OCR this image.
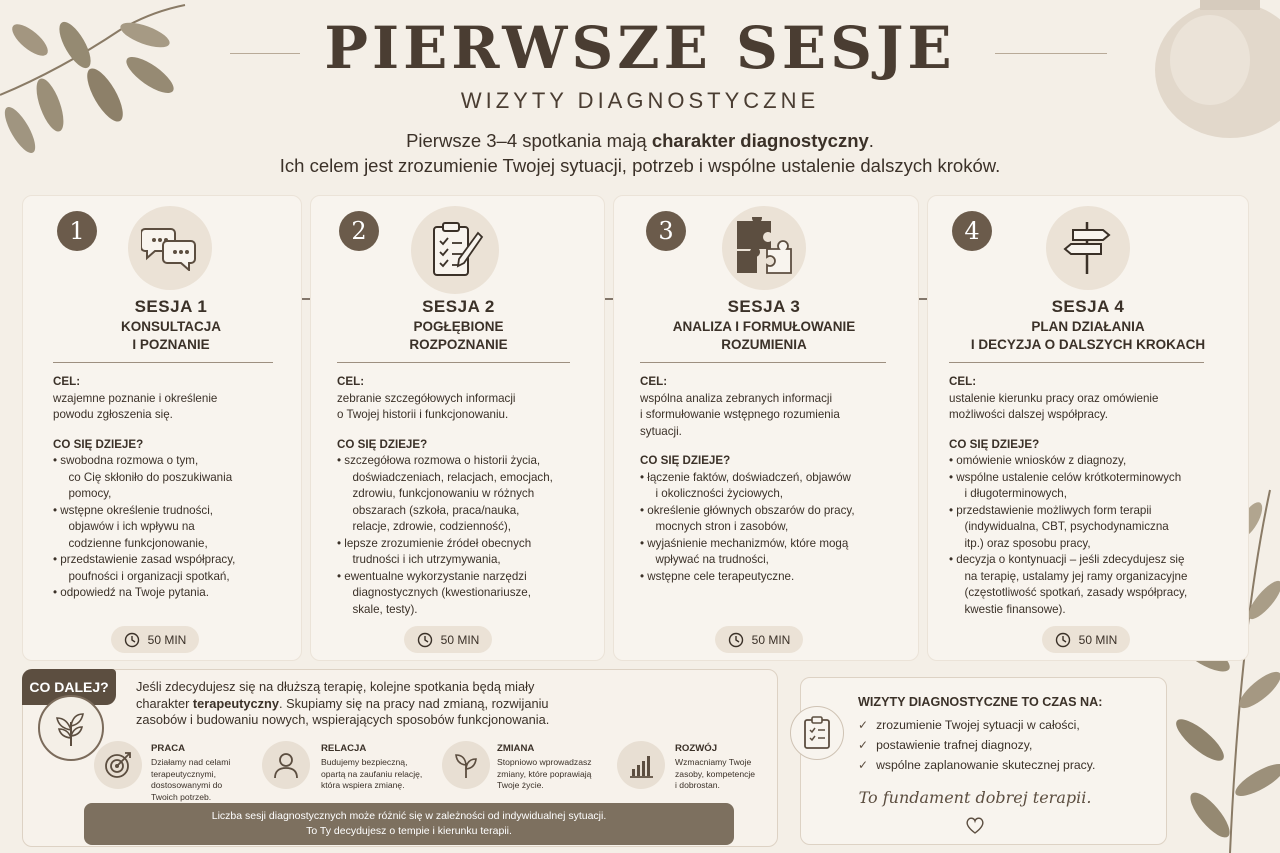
PIERWSZE SESJE
WIZYTY DIAGNOSTYCZNE
Pierwsze 3–4 spotkania mają charakter diagnostyczny.
Ich celem jest zrozumienie Twojej sytuacji, potrzeb i wspólne ustalenie dalszych kroków.
1
SESJA 1
KONSULTACJA
I POZNANIE
CEL:
wzajemne poznanie i określenie
powodu zgłoszenia się.
CO SIĘ DZIEJE?
• swobodna rozmowa o tym,
co Cię skłoniło do poszukiwania
pomocy,
• wstępne określenie trudności,
objawów i ich wpływu na
codzienne funkcjonowanie,
• przedstawienie zasad współpracy,
poufności i organizacji spotkań,
• odpowiedź na Twoje pytania.
50 MIN
2
SESJA 2
POGŁĘBIONE
ROZPOZNANIE
CEL:
zebranie szczegółowych informacji
o Twojej historii i funkcjonowaniu.
CO SIĘ DZIEJE?
• szczegółowa rozmowa o historii życia,
doświadczeniach, relacjach, emocjach,
zdrowiu, funkcjonowaniu w różnych
obszarach (szkoła, praca/nauka,
relacje, zdrowie, codzienność),
• lepsze zrozumienie źródeł obecnych
trudności i ich utrzymywania,
• ewentualne wykorzystanie narzędzi
diagnostycznych (kwestionariusze,
skale, testy).
50 MIN
3
SESJA 3
ANALIZA I FORMUŁOWANIE
ROZUMIENIA
CEL:
wspólna analiza zebranych informacji
i sformułowanie wstępnego rozumienia
sytuacji.
CO SIĘ DZIEJE?
• łączenie faktów, doświadczeń, objawów
i okoliczności życiowych,
• określenie głównych obszarów do pracy,
mocnych stron i zasobów,
• wyjaśnienie mechanizmów, które mogą
wpływać na trudności,
• wstępne cele terapeutyczne.
50 MIN
4
SESJA 4
PLAN DZIAŁANIA
I DECYZJA O DALSZYCH KROKACH
CEL:
ustalenie kierunku pracy oraz omówienie
możliwości dalszej współpracy.
CO SIĘ DZIEJE?
• omówienie wniosków z diagnozy,
• wspólne ustalenie celów krótkoterminowych
i długoterminowych,
• przedstawienie możliwych form terapii
(indywidualna, CBT, psychodynamiczna
itp.) oraz sposobu pracy,
• decyzja o kontynuacji – jeśli zdecydujesz się
na terapię, ustalamy jej ramy organizacyjne
(częstotliwość spotkań, zasady współpracy,
kwestie finansowe).
50 MIN
CO DALEJ?	Jeśli zdecydujesz się na dłuższą terapię, kolejne spotkania będą miały
charakter terapeutyczny. Skupiamy się na pracy nad zmianą, rozwijaniu
zasobów i budowaniu nowych, wspierających sposobów funkcjonowania.
PRACA
Działamy nad celami
terapeutycznymi,
dostosowanymi do
Twoich potrzeb.
RELACJA
Budujemy bezpieczną,
opartą na zaufaniu relację,
która wspiera zmianę.
ZMIANA
Stopniowo wprowadzasz
zmiany, które poprawiają
Twoje życie.
ROZWÓJ
Wzmacniamy Twoje
zasoby, kompetencje
i dobrostan.
Liczba sesji diagnostycznych może różnić się w zależności od indywidualnej sytuacji.
To Ty decydujesz o tempie i kierunku terapii.
WIZYTY DIAGNOSTYCZNE TO CZAS NA:
✓ zrozumienie Twojej sytuacji w całości,
✓ postawienie trafnej diagnozy,
✓ wspólne zaplanowanie skutecznej pracy.
To fundament dobrej terapii.
